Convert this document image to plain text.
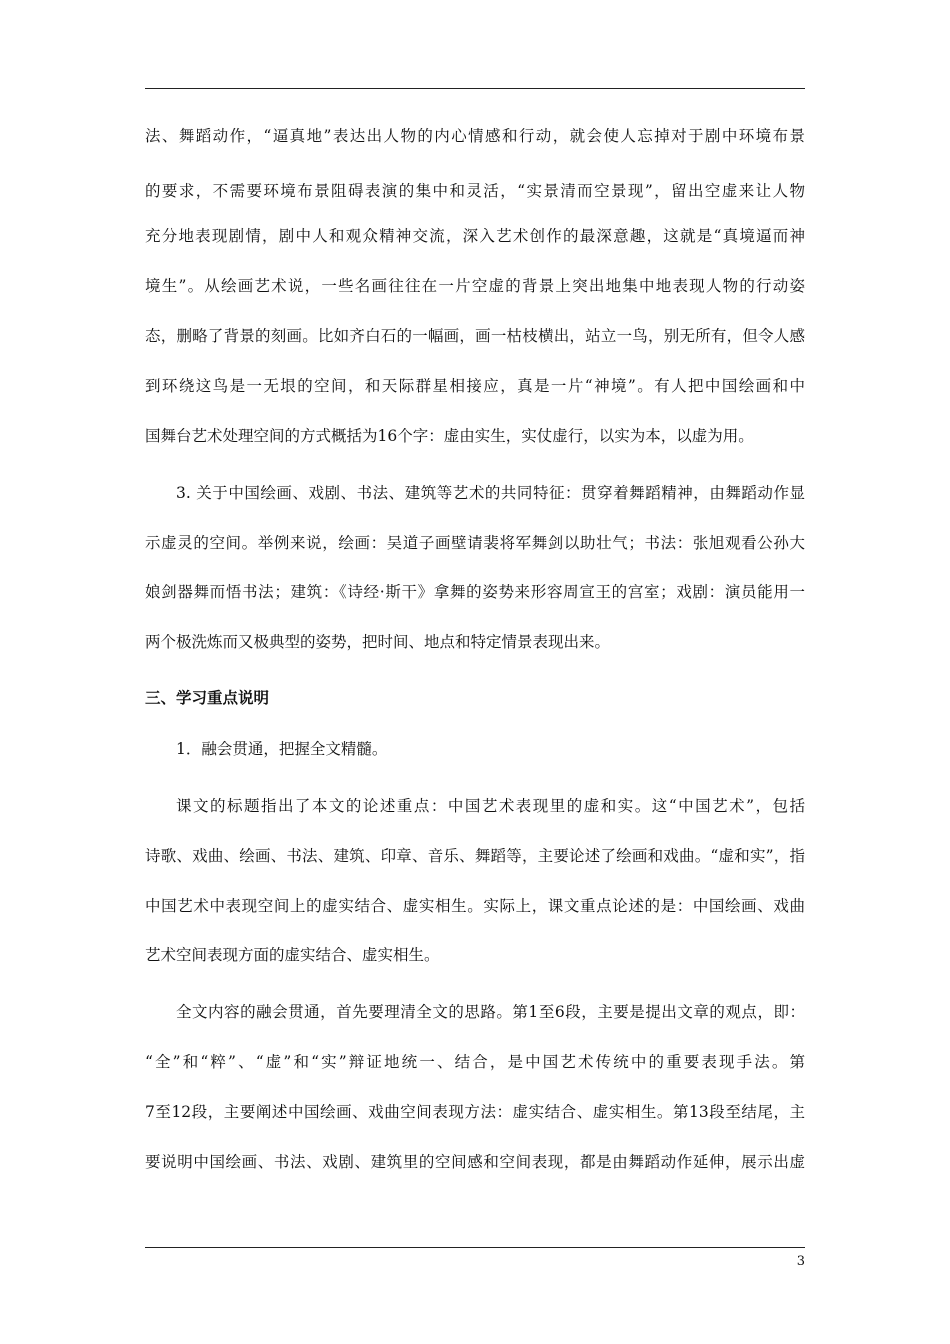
法、舞蹈动作，“逼真地”表达出人物的内心情感和行动，就会使人忘掉对于剧中环境布景
的要求，不需要环境布景阻碍表演的集中和灵活，“实景清而空景现”，留出空虚来让人物
充分地表现剧情，剧中人和观众精神交流，深入艺术创作的最深意趣，这就是“真境逼而神
境生”。从绘画艺术说，一些名画往往在一片空虚的背景上突出地集中地表现人物的行动姿
态，删略了背景的刻画。比如齐白石的一幅画，画一枯枝横出，站立一鸟，别无所有，但令人感
到环绕这鸟是一无垠的空间，和天际群星相接应，真是一片“神境”。有人把中国绘画和中
国舞台艺术处理空间的方式概括为16个字：虚由实生，实仗虚行，以实为本，以虚为用。
3. 关于中国绘画、戏剧、书法、建筑等艺术的共同特征：贯穿着舞蹈精神，由舞蹈动作显
示虚灵的空间。举例来说，绘画：吴道子画壁请裴将军舞剑以助壮气；书法：张旭观看公孙大
娘剑器舞而悟书法；建筑：《诗经·斯干》拿舞的姿势来形容周宣王的宫室；戏剧：演员能用一
两个极洗炼而又极典型的姿势，把时间、地点和特定情景表现出来。
三、学习重点说明
1．融会贯通，把握全文精髓。
课文的标题指出了本文的论述重点：中国艺术表现里的虚和实。这“中国艺术”，包括
诗歌、戏曲、绘画、书法、建筑、印章、音乐、舞蹈等，主要论述了绘画和戏曲。“虚和实”，指
中国艺术中表现空间上的虚实结合、虚实相生。实际上，课文重点论述的是：中国绘画、戏曲
艺术空间表现方面的虚实结合、虚实相生。
全文内容的融会贯通，首先要理清全文的思路。第1至6段，主要是提出文章的观点，即：
“全”和“粹”、“虚”和“实”辩证地统一、结合，是中国艺术传统中的重要表现手法。第
7至12段，主要阐述中国绘画、戏曲空间表现方法：虚实结合、虚实相生。第13段至结尾，主
要说明中国绘画、书法、戏剧、建筑里的空间感和空间表现，都是由舞蹈动作延伸，展示出虚
3
